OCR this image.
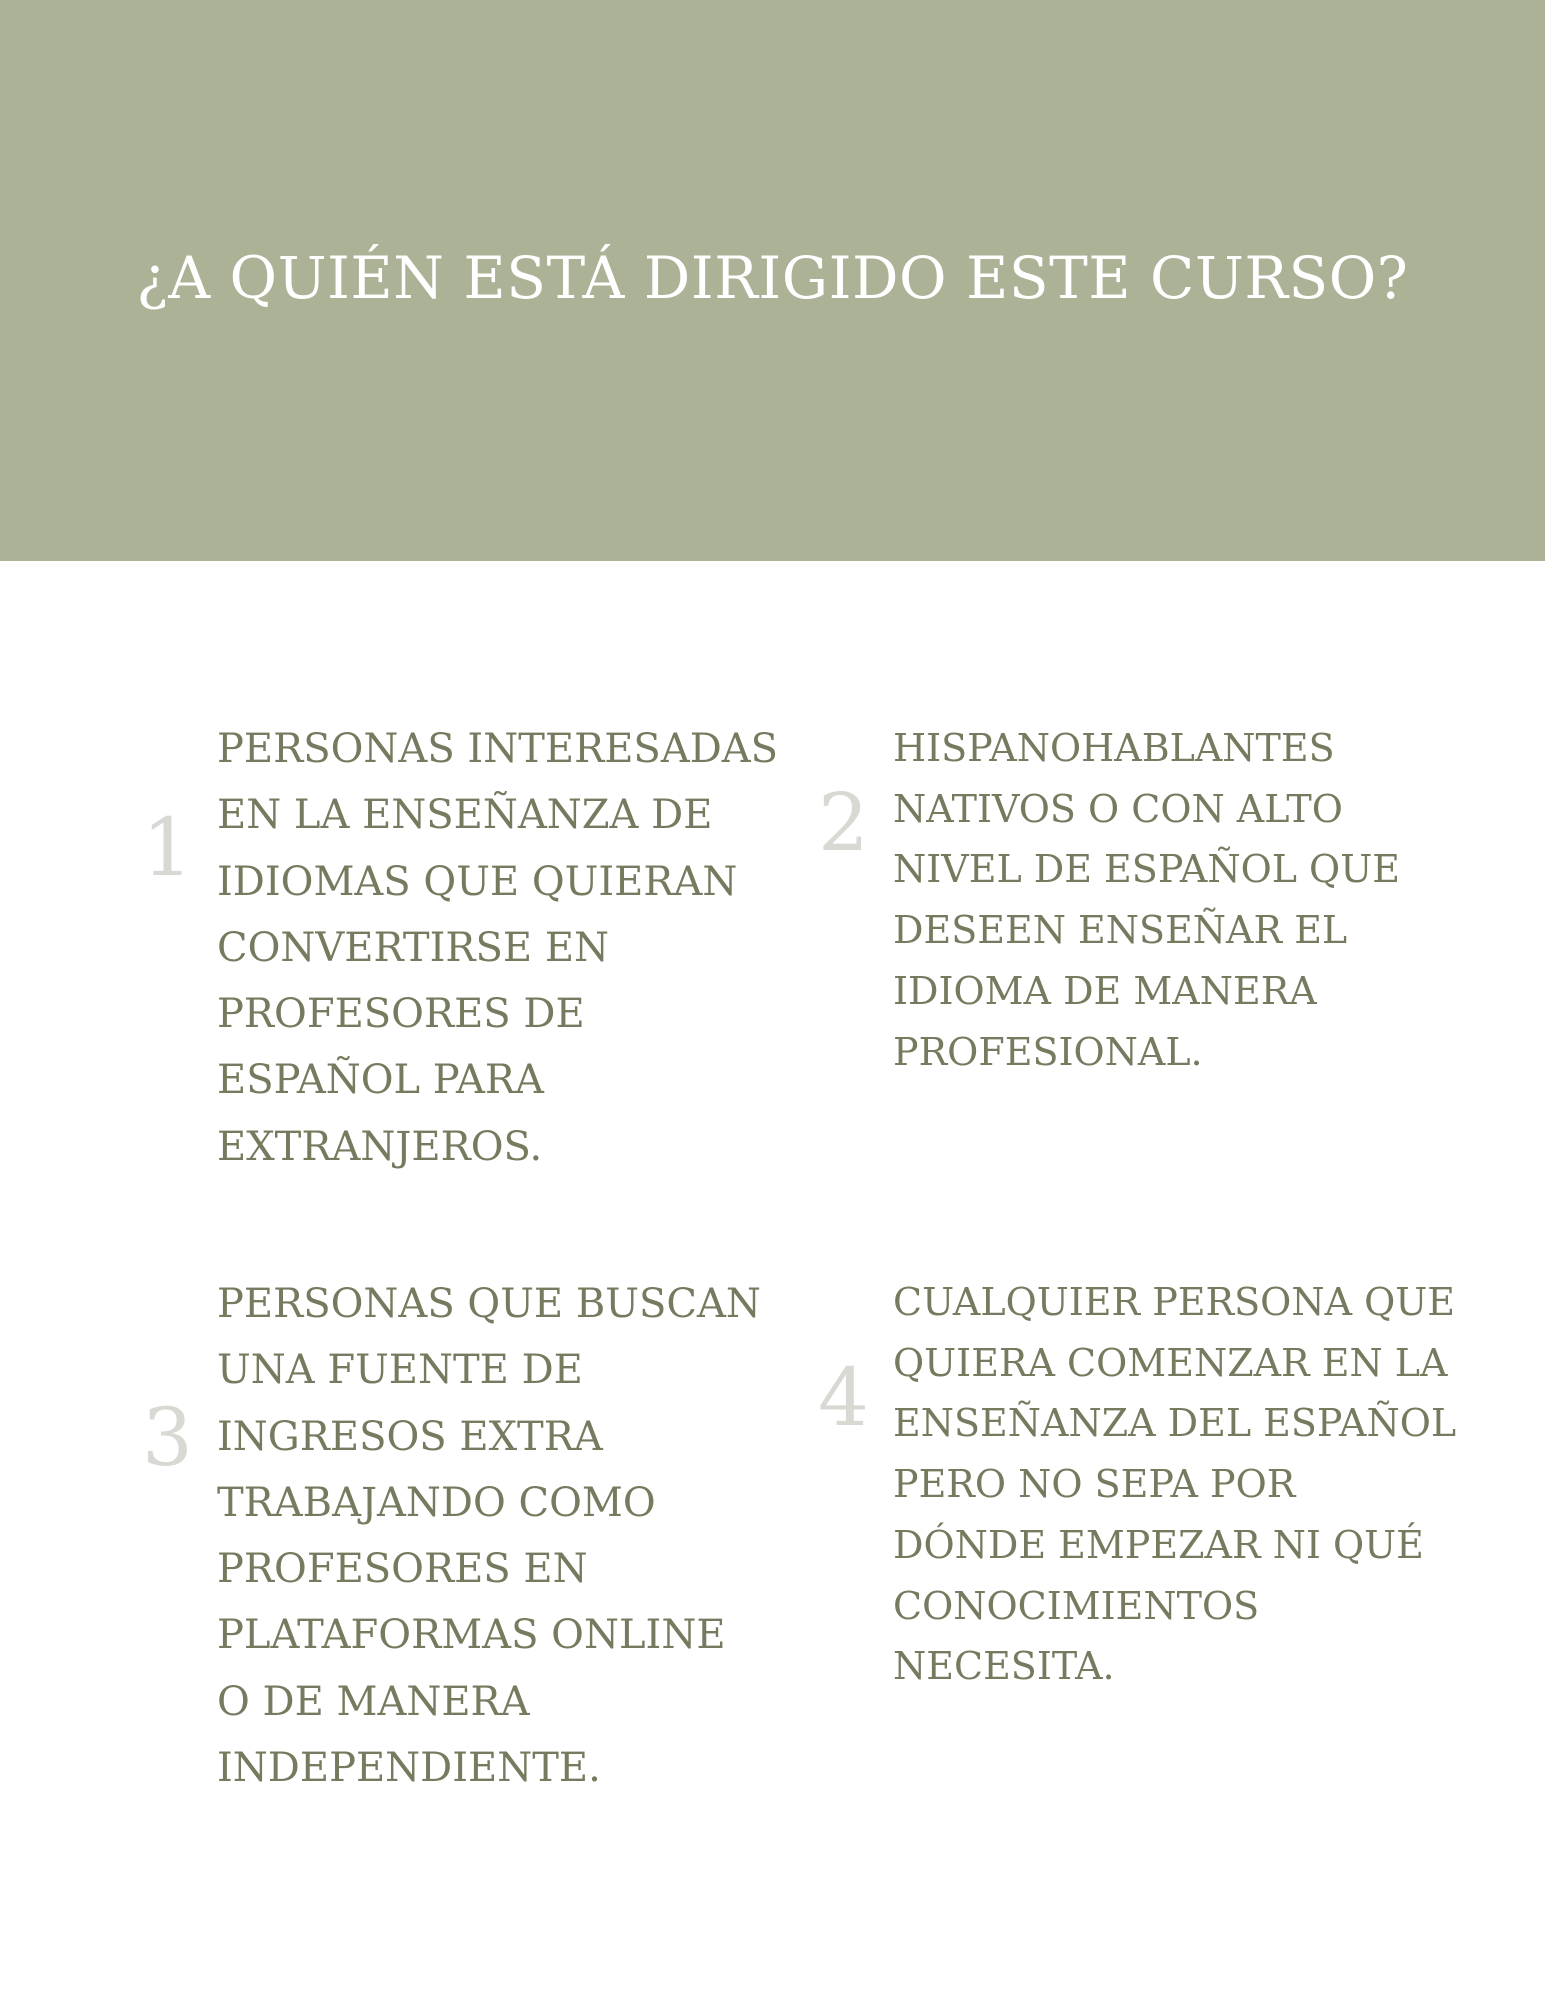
¿A QUIÉN ESTÁ DIRIGIDO ESTE CURSO?
1

PERSONAS INTERESADAS
EN LA ENSEÑANZA DE
IDIOMAS QUE QUIERAN
CONVERTIRSE EN
PROFESORES DE
ESPAÑOL PARA
EXTRANJEROS.

2

HISPANOHABLANTES
NATIVOS O CON ALTO
NIVEL DE ESPAÑOL QUE
DESEEN ENSEÑAR EL
IDIOMA DE MANERA
PROFESIONAL.

3

PERSONAS QUE BUSCAN
UNA FUENTE DE
INGRESOS EXTRA
TRABAJANDO COMO
PROFESORES EN
PLATAFORMAS ONLINE
O DE MANERA
INDEPENDIENTE.

4

CUALQUIER PERSONA QUE
QUIERA COMENZAR EN LA
ENSEÑANZA DEL ESPAÑOL
PERO NO SEPA POR
DÓNDE EMPEZAR NI QUÉ
CONOCIMIENTOS
NECESITA.
